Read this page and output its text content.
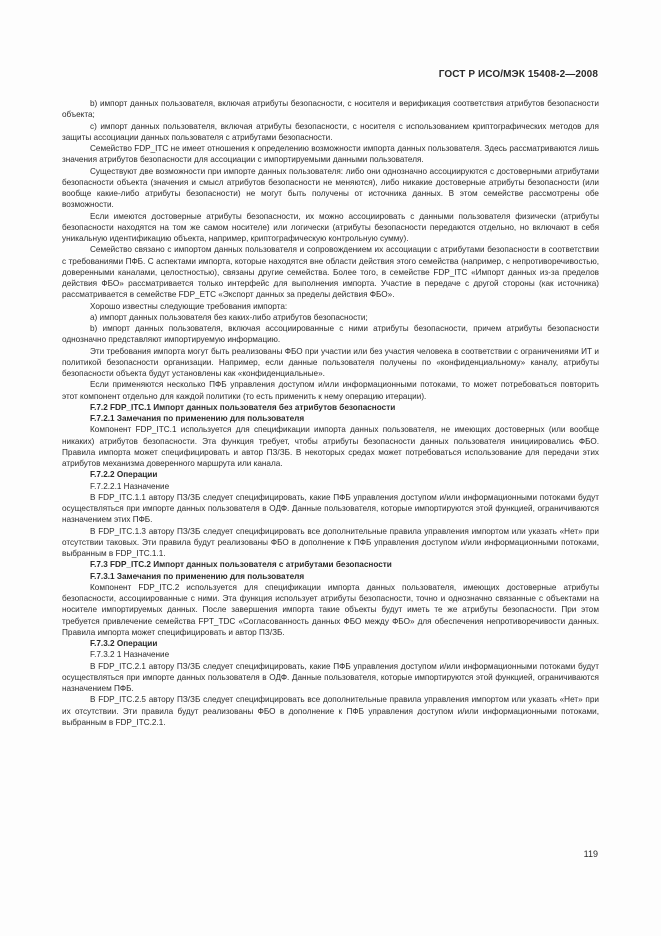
ГОСТ Р ИСО/МЭК 15408-2—2008

b) импорт данных пользователя, включая атрибуты безопасности, с носителя и верификация соответствия атрибутов безопасности объекта;

c) импорт данных пользователя, включая атрибуты безопасности, с носителя с использованием криптографических методов для защиты ассоциации данных пользователя с атрибутами безопасности.

Семейство FDP_ITC не имеет отношения к определению возможности импорта данных пользователя. Здесь рассматриваются лишь значения атрибутов безопасности для ассоциации с импортируемыми данными пользователя.

Существуют две возможности при импорте данных пользователя: либо они однозначно ассоциируются с достоверными атрибутами безопасности объекта (значения и смысл атрибутов безопасности не меняются), либо никакие достоверные атрибуты безопасности (или вообще какие-либо атрибуты безопасности) не могут быть получены от источника данных. В этом семействе рассмотрены обе возможности.

Если имеются достоверные атрибуты безопасности, их можно ассоциировать с данными пользователя физически (атрибуты безопасности находятся на том же самом носителе) или логически (атрибуты безопасности передаются отдельно, но включают в себя уникальную идентификацию объекта, например, криптографическую контрольную сумму).

Семейство связано с импортом данных пользователя и сопровождением их ассоциации с атрибутами безопасности в соответствии с требованиями ПФБ. С аспектами импорта, которые находятся вне области действия этого семейства (например, с непротиворечивостью, доверенными каналами, целостностью), связаны другие семейства. Более того, в семействе FDP_ITC «Импорт данных из-за пределов действия ФБО» рассматривается только интерфейс для выполнения импорта. Участие в передаче с другой стороны (как источника) рассматривается в семействе FDP_ETC «Экспорт данных за пределы действия ФБО».

Хорошо известны следующие требования импорта:

a) импорт данных пользователя без каких-либо атрибутов безопасности;

b) импорт данных пользователя, включая ассоциированные с ними атрибуты безопасности, причем атрибуты безопасности однозначно представляют импортируемую информацию.

Эти требования импорта могут быть реализованы ФБО при участии или без участия человека в соответствии с ограничениями ИТ и политикой безопасности организации. Например, если данные пользователя получены по «конфиденциальному» каналу, атрибуты безопасности объекта будут установлены как «конфиденциальные».

Если применяются несколько ПФБ управления доступом и/или информационными потоками, то может потребоваться повторить этот компонент отдельно для каждой политики (то есть применить к нему операцию итерации).

F.7.2 FDP_ITC.1 Импорт данных пользователя без атрибутов безопасности

F.7.2.1 Замечания по применению для пользователя

Компонент FDP_ITC.1 используется для спецификации импорта данных пользователя, не имеющих достоверных (или вообще никаких) атрибутов безопасности. Эта функция требует, чтобы атрибуты безопасности данных пользователя инициировались ФБО. Правила импорта может специфицировать и автор ПЗ/ЗБ. В некоторых средах может потребоваться использование для передачи этих атрибутов механизма доверенного маршрута или канала.

F.7.2.2 Операции

F.7.2.2.1 Назначение

В FDP_ITC.1.1 автору ПЗ/ЗБ следует специфицировать, какие ПФБ управления доступом и/или информационными потоками будут осуществляться при импорте данных пользователя в ОДФ. Данные пользователя, которые импортируются этой функцией, ограничиваются назначением этих ПФБ.

В FDP_ITC.1.3 автору ПЗ/ЗБ следует специфицировать все дополнительные правила управления импортом или указать «Нет» при отсутствии таковых. Эти правила будут реализованы ФБО в дополнение к ПФБ управления доступом и/или информационными потоками, выбранным в FDP_ITC.1.1.

F.7.3 FDP_ITC.2 Импорт данных пользователя с атрибутами безопасности

F.7.3.1 Замечания по применению для пользователя

Компонент FDP_ITC.2 используется для спецификации импорта данных пользователя, имеющих достоверные атрибуты безопасности, ассоциированные с ними. Эта функция использует атрибуты безопасности, точно и однозначно связанные с объектами на носителе импортируемых данных. После завершения импорта такие объекты будут иметь те же атрибуты безопасности. При этом требуется привлечение семейства FPT_TDC «Согласованность данных ФБО между ФБО» для обеспечения непротиворечивости данных. Правила импорта может специфицировать и автор ПЗ/ЗБ.

F.7.3.2 Операции

F.7.3.2 1 Назначение

В FDP_ITC.2.1 автору ПЗ/ЗБ следует специфицировать, какие ПФБ управления доступом и/или информационными потоками будут осуществляться при импорте данных пользователя в ОДФ. Данные пользователя, которые импортируются этой функцией, ограничиваются назначением ПФБ.

В FDP_ITC.2.5 автору ПЗ/ЗБ следует специфицировать все дополнительные правила управления импортом или указать «Нет» при их отсутствии. Эти правила будут реализованы ФБО в дополнение к ПФБ управления доступом и/или информационными потоками, выбранным в FDP_ITC.2.1.

119
